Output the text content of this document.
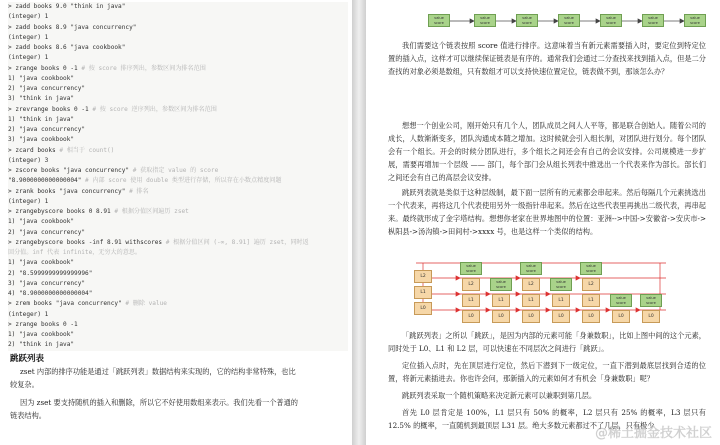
> zadd books 9.0 "think in java"
(integer) 1
> zadd books 8.9 "java concurrency"
(integer) 1
> zadd books 8.6 "java cookbook"
(integer) 1
> zrange books 0 -1 # 按 score 排序列出，参数区间为排名范围
1) "java cookbook"
2) "java concurrency"
3) "think in java"
> zrevrange books 0 -1 # 按 score 逆序列出，参数区间为排名范围
1) "think in java"
2) "java concurrency"
3) "java cookbook"
> zcard books # 相当于 count()
(integer) 3
> zscore books "java concurrency" # 获取指定 value 的 score
"8.9000000000000004" # 内部 score 使用 double 类型进行存储，所以存在小数点精度问题
> zrank books "java concurrency" # 排名
(integer) 1
> zrangebyscore books 0 8.91 # 根据分值区间遍历 zset
1) "java cookbook"
2) "java concurrency"
> zrangebyscore books -inf 8.91 withscores # 根据分值区间 (-∞, 8.91] 遍历 zset，同时返
回分值。inf 代表 infinite，无穷大的意思。
1) "java cookbook"
2) "8.5999999999999996"
3) "java concurrency"
4) "8.9000000000000004"
> zrem books "java concurrency" # 删除 value
(integer) 1
> zrange books 0 -1
1) "java cookbook"
2) "think in java"
跳跃列表
zset 内部的排序功能是通过「跳跃列表」数据结构来实现的，它的结构非常特殊，也比
较复杂。
因为 zset 要支持随机的插入和删除，所以它不好使用数组来表示。我们先看一个普通的
链表结构。
value
score
value
score
value
score
value
score
value
score
value
score
value
score
我们需要这个链表按照 score 值进行排序。这意味着当有新元素需要插入时，要定位到特定位置的插入点，这样才可以继续保证链表是有序的。通常我们会通过二分查找来找到插入点，但是二分查找的对象必须是数组，只有数组才可以支持快速位置定位，链表做不到，那该怎么办？
想想一个创业公司，刚开始只有几个人，团队成员之间人人平等，都是联合创始人。随着公司的成长，人数渐渐变多，团队沟通成本随之增加。这时候就会引入组长制，对团队进行划分。每个团队会有一个组长。开会的时候分团队进行，多个组长之间还会有自己的会议安排。公司规模进一步扩展，需要再增加一个层级 —— 部门，每个部门会从组长列表中推选出一个代表来作为部长。部长们之间还会有自己的高层会议安排。
跳跃列表就是类似于这种层级制，最下面一层所有的元素都会串起来。然后每隔几个元素挑选出一个代表来，再将这几个代表使用另外一级指针串起来。然后在这些代表里再挑出二级代表，再串起来。最终就形成了金字塔结构。想想你老家在世界地图中的位置：亚洲-->中国->安徽省->安庆市->枞阳县->汤沟镇->田间村->xxxx 号，也是这样一个类似的结构。
L2
L1
L0
value
score
L2
L1
L0
value
score
L1
L0
value
score
L2
L1
L0
value
score
L1
L0
value
score
L2
L1
L0
value
score
L0
value
score
L0
「跳跃列表」之所以「跳跃」，是因为内部的元素可能「身兼数职」，比如上图中间的这个元素，同时处于 L0、L1 和 L2 层，可以快速在不同层次之间进行「跳跃」。
定位插入点时，先在顶层进行定位，然后下潜到下一级定位，一直下潜到最底层找到合适的位置，将新元素插进去。你也许会问，那新插入的元素如何才有机会「身兼数职」呢？
跳跃列表采取一个随机策略来决定新元素可以兼职到第几层。
首先 L0 层肯定是 100%，L1 层只有 50% 的概率，L2 层只有 25% 的概率，L3 层只有 12.5% 的概率，一直随机到最顶层 L31 层。绝大多数元素都过不了几层，只有极少
@稀土掘金技术社区
